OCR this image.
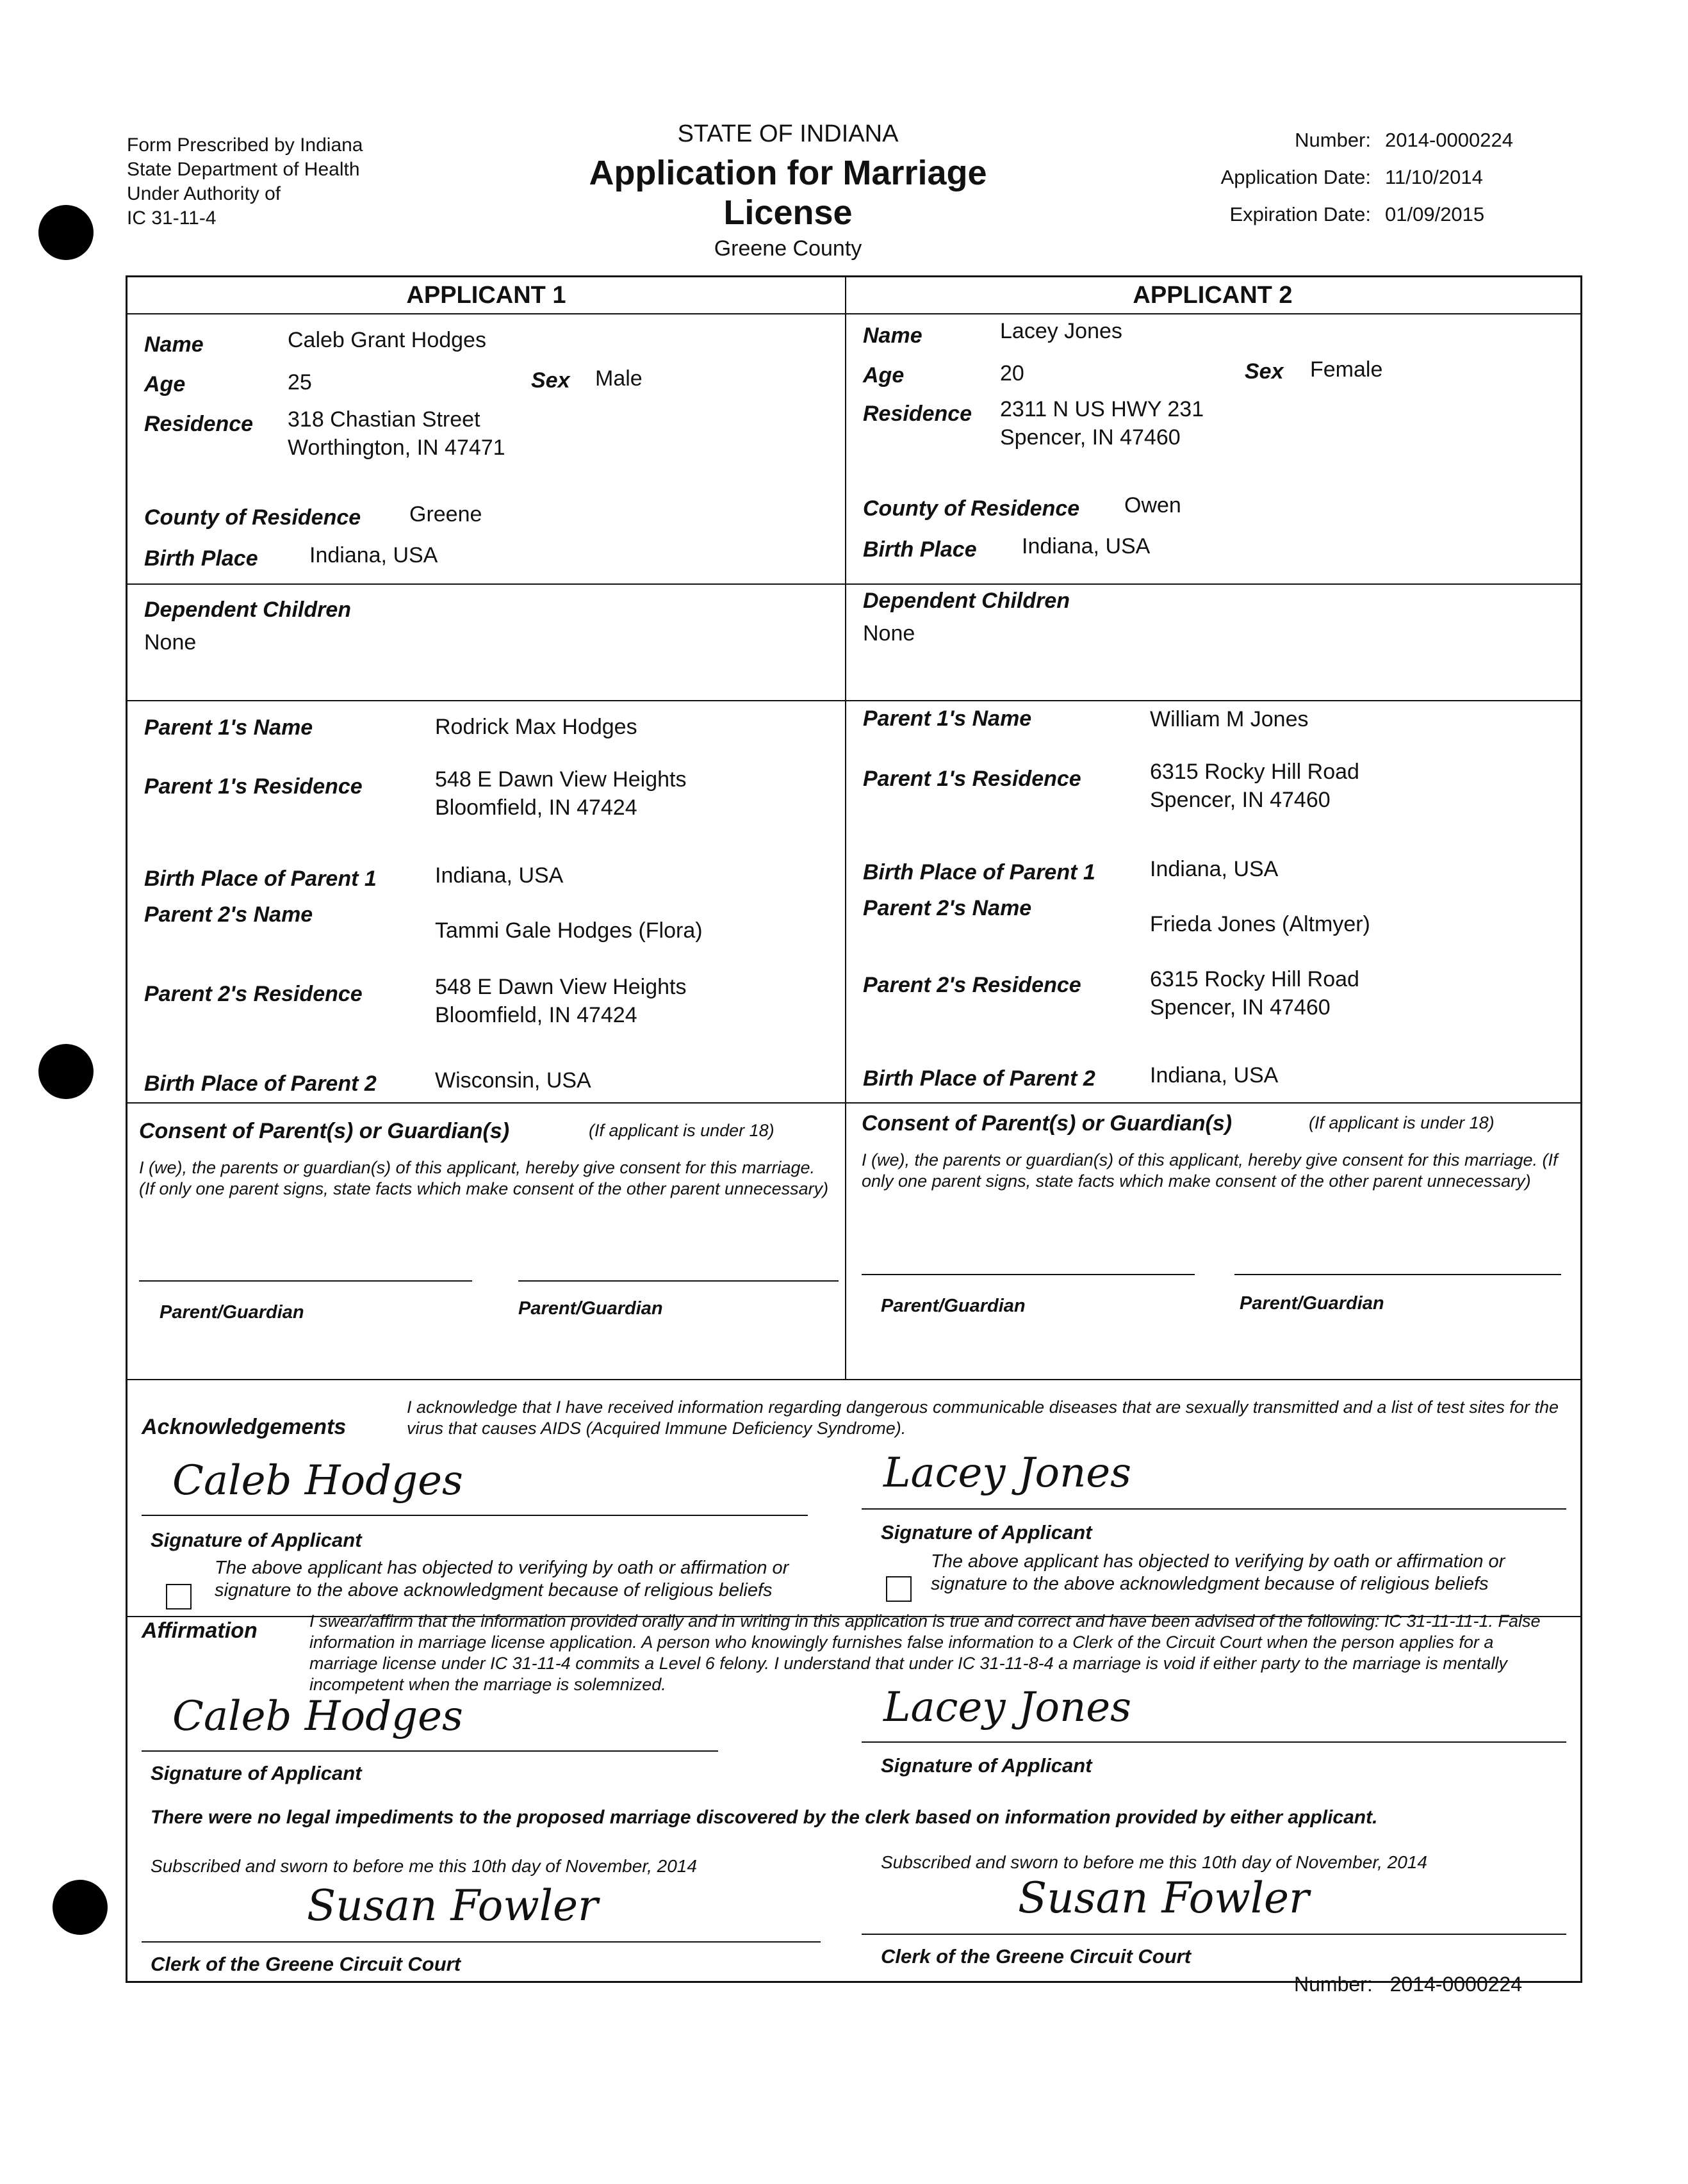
Form Prescribed by Indiana
State Department of Health
Under Authority of
IC 31-11-4
STATE OF INDIANA
Application for Marriage License
Greene County
Number: 2014-0000224
Application Date: 11/10/2014
Expiration Date: 01/09/2015
APPLICANT 1	APPLICANT 2
Name	Caleb Grant Hodges
Age	25	Sex Male
Residence 318 Chastian Street
Worthington, IN 47471
County of Residence Greene
Birth Place Indiana, USA
Dependent Children
None
Parent 1's Name	Rodrick Max Hodges
Parent 1's Residence	548 E Dawn View Heights
Bloomfield, IN 47424
Birth Place of Parent 1	Indiana, USA
Parent 2's Name
Tammi Gale Hodges (Flora)
Parent 2's Residence	548 E Dawn View Heights
Bloomfield, IN 47424
Birth Place of Parent 2	Wisconsin, USA
Name	Lacey Jones
Age	20	Sex Female
Residence 2311 N US HWY 231
Spencer, IN 47460
County of Residence Owen
Birth Place Indiana, USA
Dependent Children
None
Parent 1's Name	William M Jones
Parent 1's Residence	6315 Rocky Hill Road
Spencer, IN 47460
Birth Place of Parent 1	Indiana, USA
Parent 2's Name
Frieda Jones (Altmyer)
Parent 2's Residence	6315 Rocky Hill Road
Spencer, IN 47460
Birth Place of Parent 2	Indiana, USA
Consent of Parent(s) or Guardian(s)	(If applicant is under 18)
I (we), the parents or guardian(s) of this applicant, hereby give consent for this marriage. (If only one parent signs, state facts which make consent of the other parent unnecessary)
Parent/Guardian	Parent/Guardian
Consent of Parent(s) or Guardian(s)	(If applicant is under 18)
I (we), the parents or guardian(s) of this applicant, hereby give consent for this marriage. (If only one parent signs, state facts which make consent of the other parent unnecessary)
Parent/Guardian	Parent/Guardian
Acknowledgements
I acknowledge that I have received information regarding dangerous communicable diseases that are sexually transmitted and a list of test sites for the virus that causes AIDS (Acquired Immune Deficiency Syndrome).
Caleb Hodges
Signature of Applicant
The above applicant has objected to verifying by oath or affirmation or signature to the above acknowledgment because of religious beliefs
Lacey Jones
Signature of Applicant
The above applicant has objected to verifying by oath or affirmation or signature to the above acknowledgment because of religious beliefs
Affirmation	I swear/affirm that the information provided orally and in writing in this application is true and correct and have been advised of the following: IC 31-11-11-1. False information in marriage license application. A person who knowingly furnishes false information to a Clerk of the Circuit Court when the person applies for a marriage license under IC 31-11-4 commits a Level 6 felony. I understand that under IC 31-11-8-4 a marriage is void if either party to the marriage is mentally incompetent when the marriage is solemnized.
Caleb Hodges
Signature of Applicant
Lacey Jones
Signature of Applicant
There were no legal impediments to the proposed marriage discovered by the clerk based on information provided by either applicant.
Subscribed and sworn to before me this 10th day of November, 2014
Susan Fowler
Clerk of the Greene Circuit Court
Subscribed and sworn to before me this 10th day of November, 2014
Susan Fowler
Clerk of the Greene Circuit Court
Number: 2014-0000224
